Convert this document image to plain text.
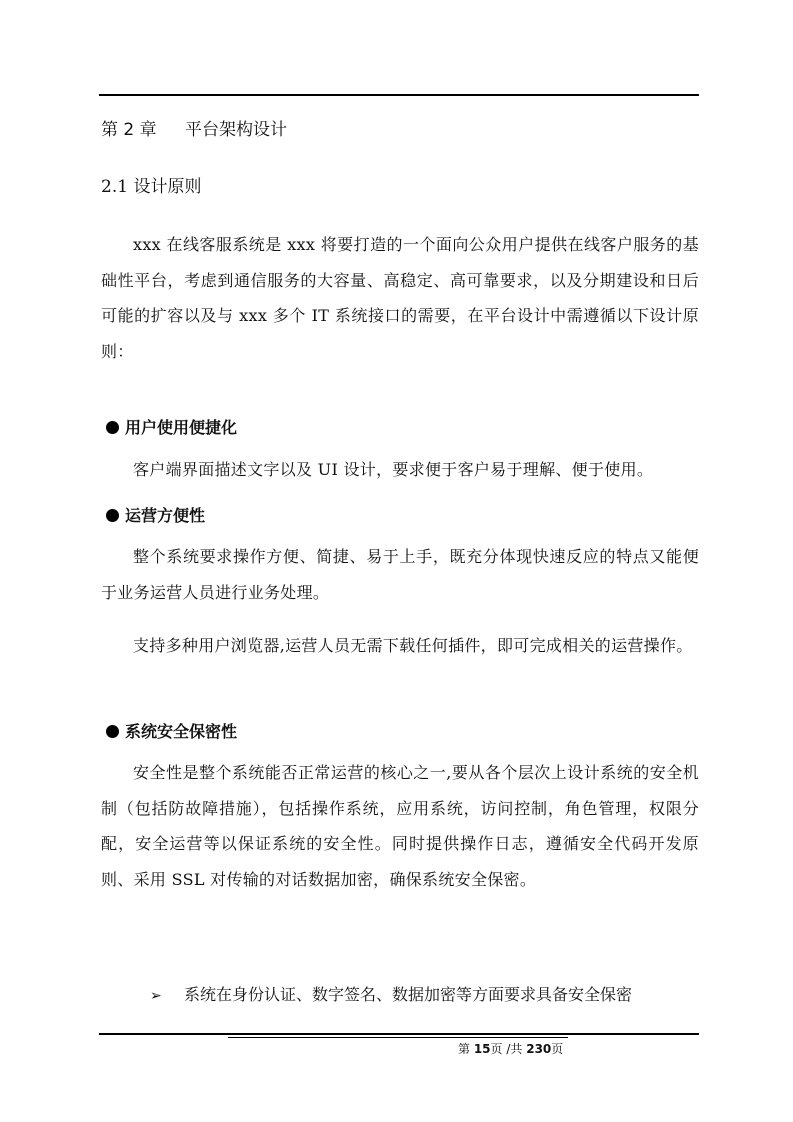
第 2 章 平台架构设计
2.1 设计原则
xxx 在线客服系统是 xxx 将要打造的一个面向公众用户提供在线客户服务的基础性平台，考虑到通信服务的大容量、高稳定、高可靠要求，以及分期建设和日后可能的扩容以及与 xxx 多个 IT 系统接口的需要，在平台设计中需遵循以下设计原则：
用户使用便捷化
客户端界面描述文字以及 UI 设计，要求便于客户易于理解、便于使用。
运营方便性
整个系统要求操作方便、简捷、易于上手，既充分体现快速反应的特点又能便于业务运营人员进行业务处理。
支持多种用户浏览器,运营人员无需下载任何插件，即可完成相关的运营操作。
系统安全保密性
安全性是整个系统能否正常运营的核心之一,要从各个层次上设计系统的安全机制（包括防故障措施），包括操作系统，应用系统，访问控制，角色管理，权限分配，安全运营等以保证系统的安全性。同时提供操作日志，遵循安全代码开发原则、采用 SSL 对传输的对话数据加密，确保系统安全保密。
➢ 系统在身份认证、数字签名、数据加密等方面要求具备安全保密
第 15页 /共 230页
